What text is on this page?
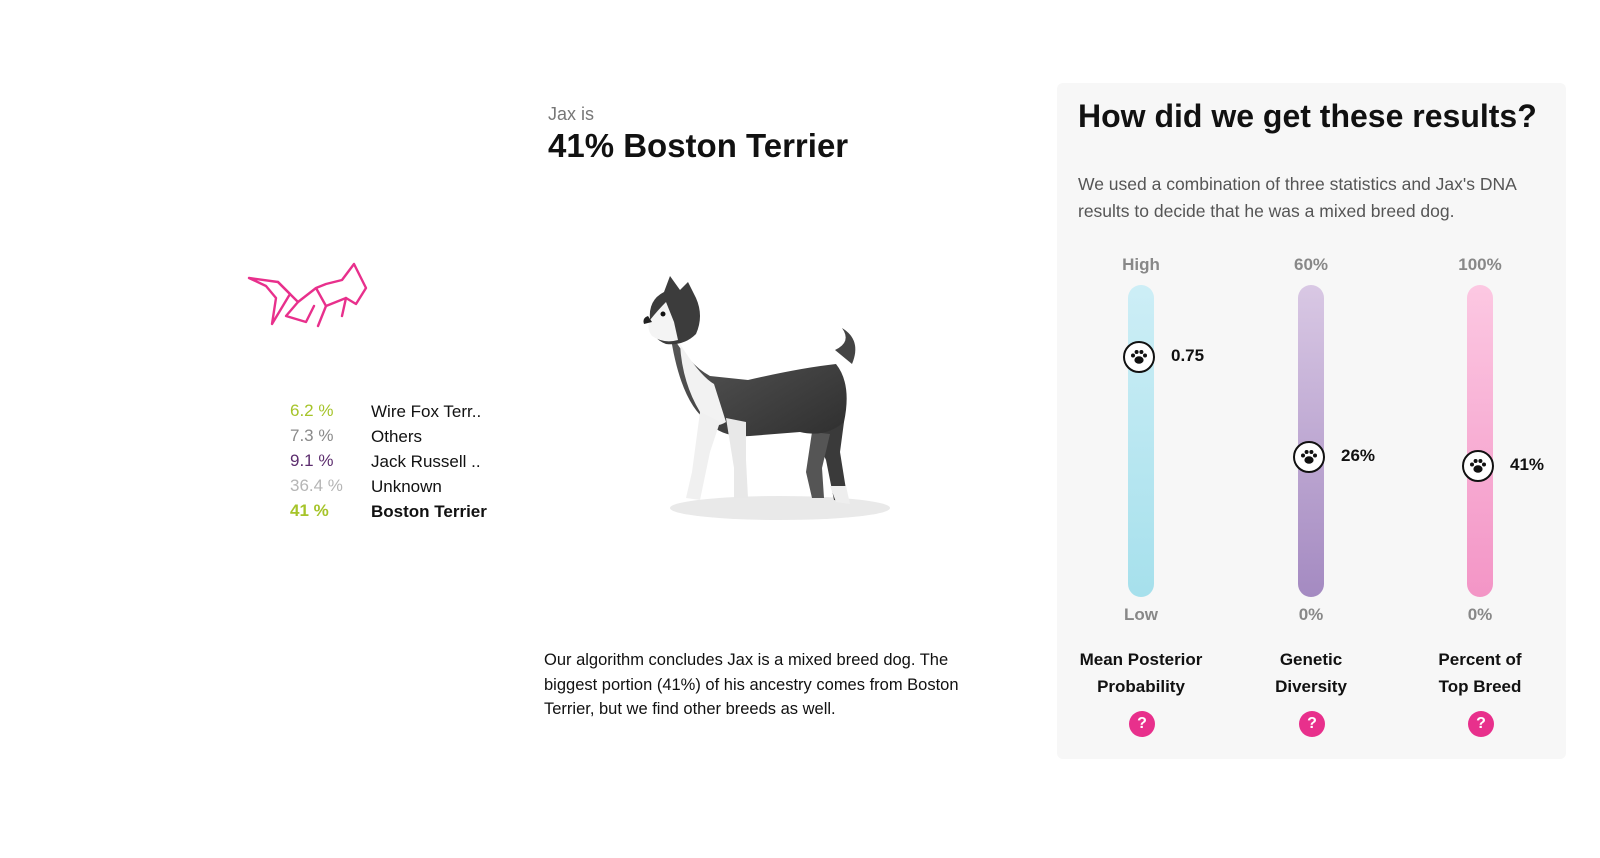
6.2 % Wire Fox Terr..
7.3 % Others
9.1 % Jack Russell ..
36.4 % Unknown
41 % Boston Terrier
Jax is
41% Boston Terrier
Our algorithm concludes Jax is a mixed breed dog. The biggest portion (41%) of his ancestry comes from Boston Terrier, but we find other breeds as well.
How did we get these results?
We used a combination of three statistics and Jax's DNA results to decide that he was a mixed breed dog.
High
0.75
Low
Mean Posterior
Probability
?
60%
26%
0%
Genetic
Diversity
?
100%
41%
0%
Percent of
Top Breed
?
